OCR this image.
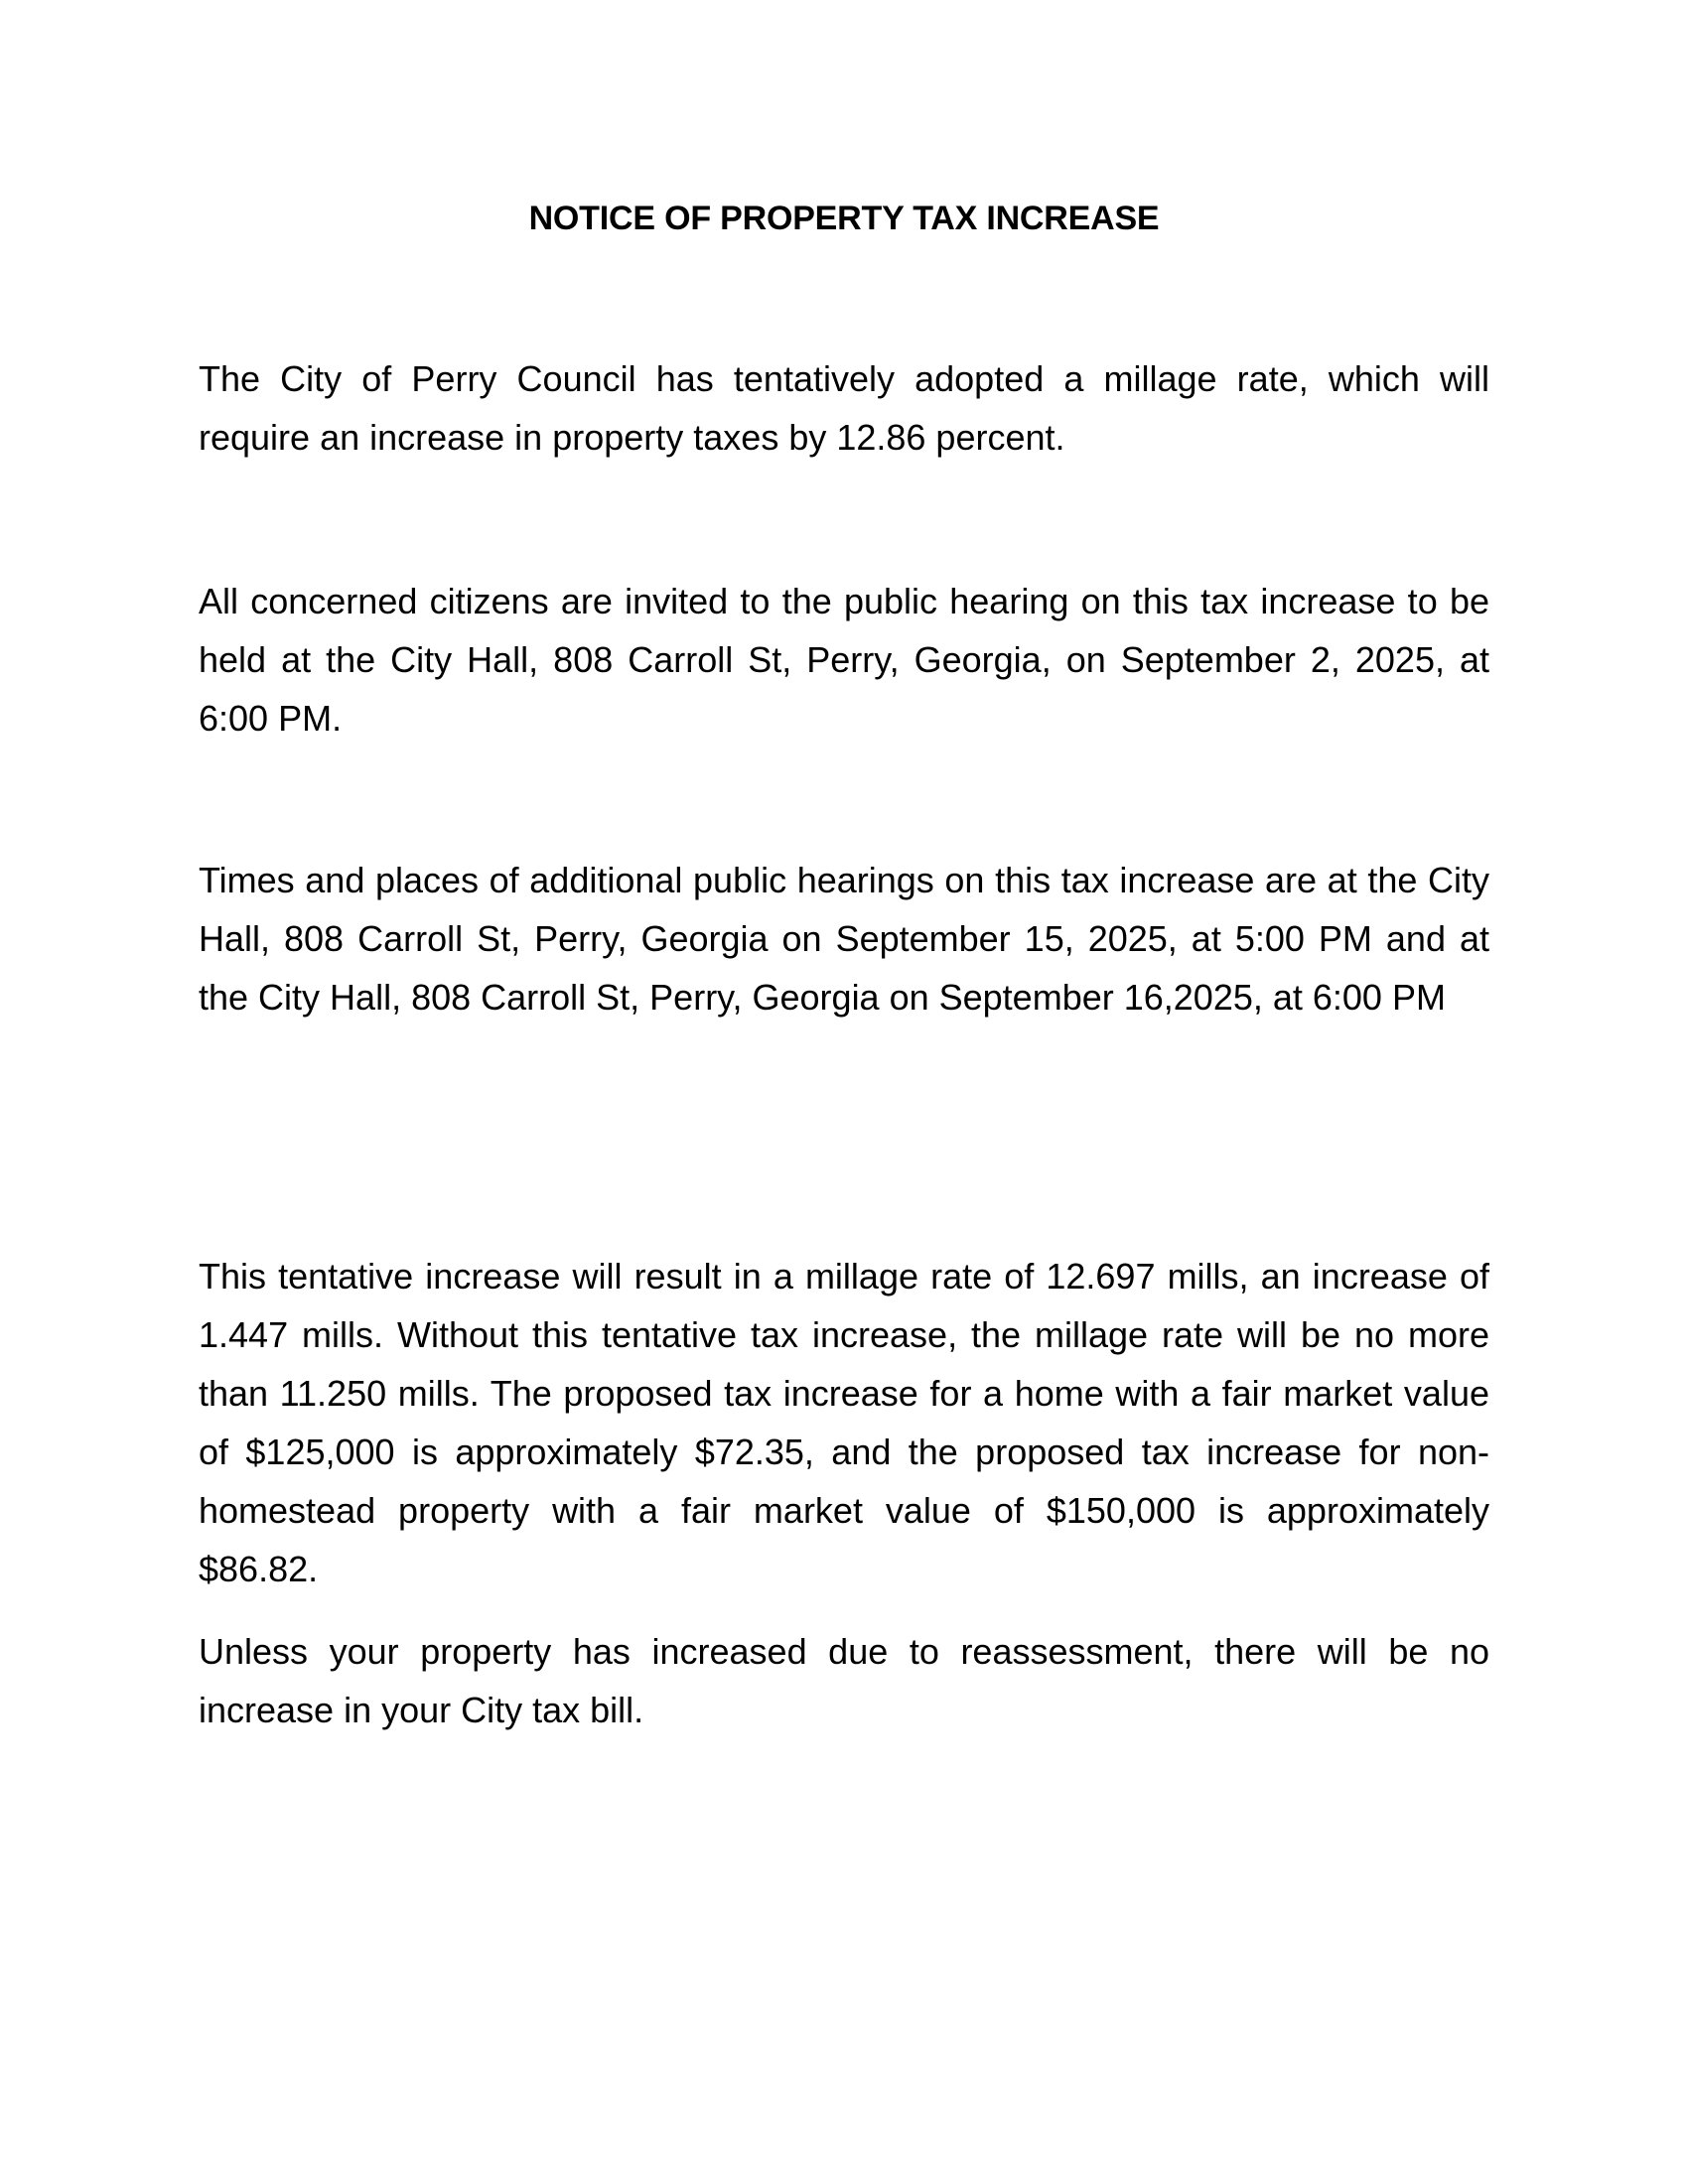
NOTICE OF PROPERTY TAX INCREASE
The City of Perry Council has tentatively adopted a millage rate, which will require an increase in property taxes by 12.86 percent.
All concerned citizens are invited to the public hearing on this tax increase to be held at the City Hall, 808 Carroll St, Perry, Georgia, on September 2, 2025, at 6:00 PM.
Times and places of additional public hearings on this tax increase are at the City Hall, 808 Carroll St, Perry, Georgia on September 15, 2025, at 5:00 PM and at the City Hall, 808 Carroll St, Perry, Georgia on September 16,2025, at 6:00 PM
This tentative increase will result in a millage rate of 12.697 mills, an increase of 1.447 mills. Without this tentative tax increase, the millage rate will be no more than 11.250 mills. The proposed tax increase for a home with a fair market value of $125,000 is approximately $72.35, and the proposed tax increase for non-homestead property with a fair market value of $150,000 is approximately $86.82.
Unless your property has increased due to reassessment, there will be no increase in your City tax bill.
